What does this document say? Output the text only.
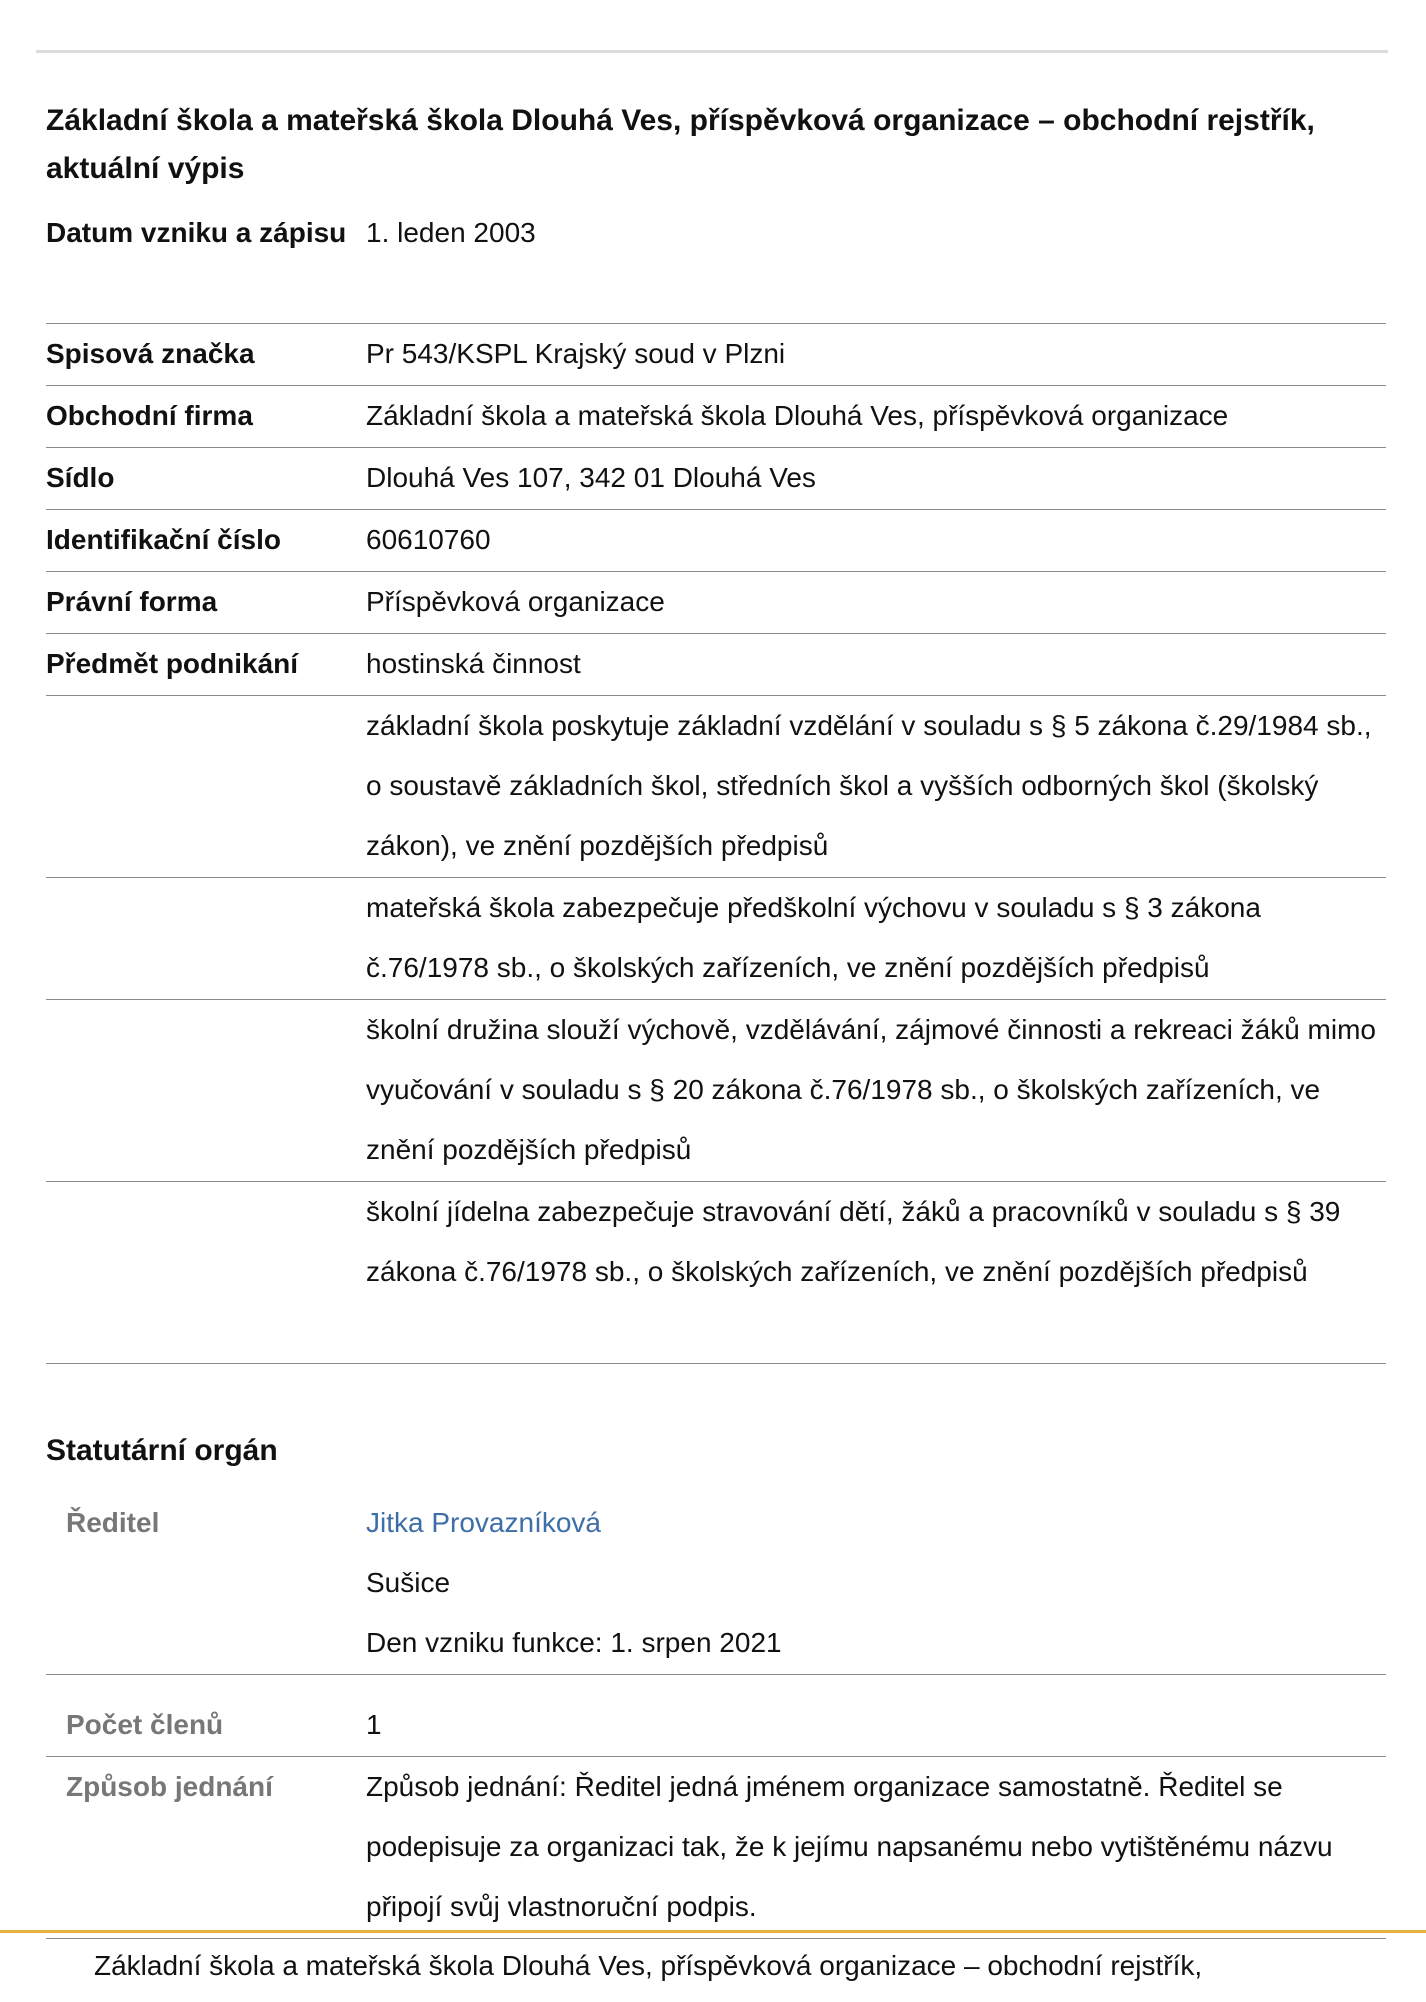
Základní škola a mateřská škola Dlouhá Ves, příspěvková organizace – obchodní rejstřík, aktuální výpis
Datum vzniku a zápisu 1. leden 2003
Spisová značka	Pr 543/KSPL Krajský soud v Plzni
Obchodní firma	Základní škola a mateřská škola Dlouhá Ves, příspěvková organizace
Sídlo	Dlouhá Ves 107, 342 01 Dlouhá Ves
Identifikační číslo	60610760
Právní forma	Příspěvková organizace
Předmět podnikání	hostinská činnost
základní škola poskytuje základní vzdělání v souladu s § 5 zákona č.29/1984 sb., o soustavě základních škol, středních škol a vyšších odborných škol (školský zákon), ve znění pozdějších předpisů
mateřská škola zabezpečuje předškolní výchovu v souladu s § 3 zákona č.76/1978 sb., o školských zařízeních, ve znění pozdějších předpisů
školní družina slouží výchově, vzdělávání, zájmové činnosti a rekreaci žáků mimo vyučování v souladu s § 20 zákona č.76/1978 sb., o školských zařízeních, ve znění pozdějších předpisů
školní jídelna zabezpečuje stravování dětí, žáků a pracovníků v souladu s § 39 zákona č.76/1978 sb., o školských zařízeních, ve znění pozdějších předpisů
Statutární orgán
Ředitel	Jitka Provazníková

Sušice

Den vzniku funkce: 1. srpen 2021

Počet členů	1
Způsob jednání	Způsob jednání: Ředitel jedná jménem organizace samostatně. Ředitel se podepisuje za organizaci tak, že k jejímu napsanému nebo vytištěnému názvu připojí svůj vlastnoruční podpis.
Základní škola a mateřská škola Dlouhá Ves, příspěvková organizace – obchodní rejstřík,
